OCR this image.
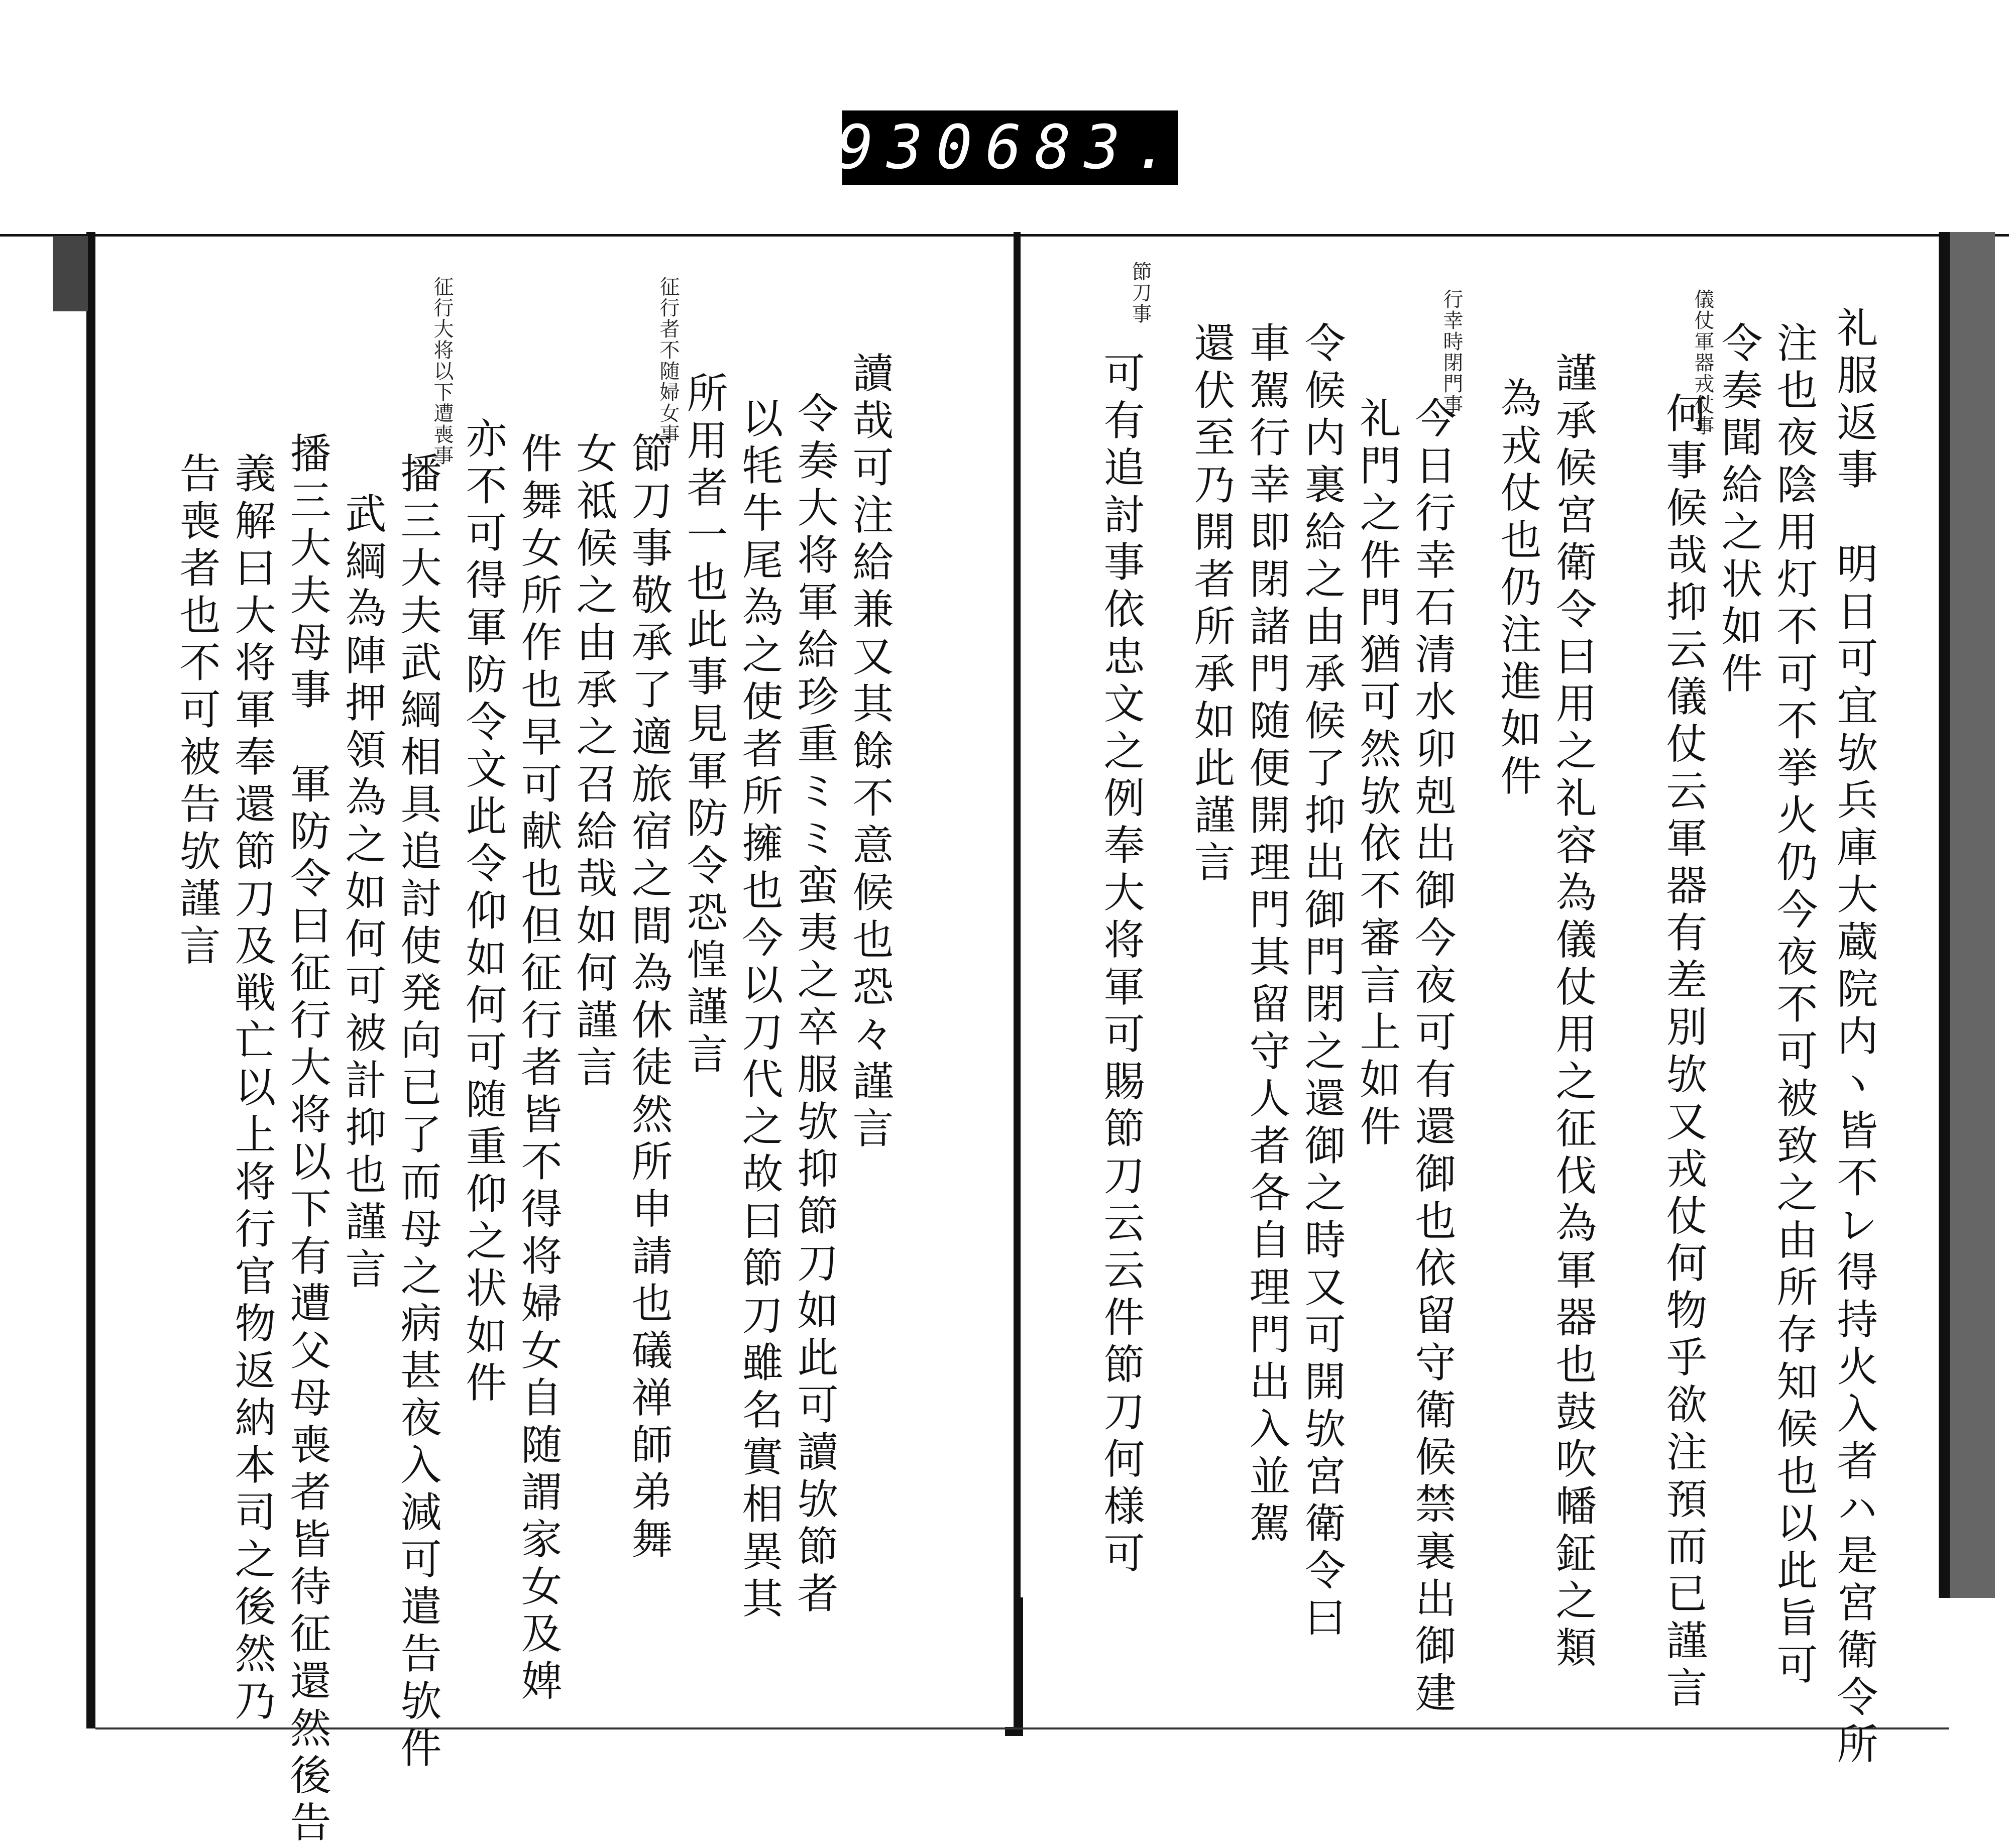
930 683.
礼服返事　明日可宜欤兵庫大蔵院内ヽ皆不レ得持火入者ハ是宮衛令所
注也夜陰用灯不可不挙火仍今夜不可被致之由所存知候也以此旨可
令奏聞給之状如件
儀仗軍器戎仗事
何事候哉抑云儀仗云軍器有差別欤又戎仗何物乎欲注預而已謹言
謹承候宮衛令曰用之礼容為儀仗用之征伐為軍器也鼓吹幡鉦之類
為戎仗也仍注進如件
行幸時閉門事
今日行幸石清水卯剋出御今夜可有還御也依留守衛候禁裏出御建
礼門之件門猶可然欤依不審言上如件
令候内裏給之由承候了抑出御門閉之還御之時又可開欤宮衛令曰
車駕行幸即閉諸門随便開理門其留守人者各自理門出入並駕
還伏至乃開者所承如此謹言
節刀事
可有追討事依忠文之例奉大将軍可賜節刀云云件節刀何様可
讀哉可注給兼又其餘不意候也恐々謹言
令奏大将軍給珍重ミミ蛮夷之卒服欤抑節刀如此可讀欤節者
以牦牛尾為之使者所擁也今以刀代之故曰節刀雖名實相異其
所用者一也此事見軍防令恐惶謹言
征行者不随婦女事
節刀事敬承了適旅宿之間為休徒然所申請也礒禅師弟舞
女祗候之由承之召給哉如何謹言
件舞女所作也早可献也但征行者皆不得将婦女自随謂家女及婢
亦不可得軍防令文此令仰如何可随重仰之状如件
征行大将以下遭喪事
播三大夫武綱相具追討使発向已了而母之病甚夜入減可遣告欤件
武綱為陣押領為之如何可被計抑也謹言
播三大夫母事　軍防令曰征行大将以下有遭父母喪者皆待征還然後告
義解曰大将軍奉還節刀及戦亡以上将行官物返納本司之後然乃
告喪者也不可被告欤謹言
